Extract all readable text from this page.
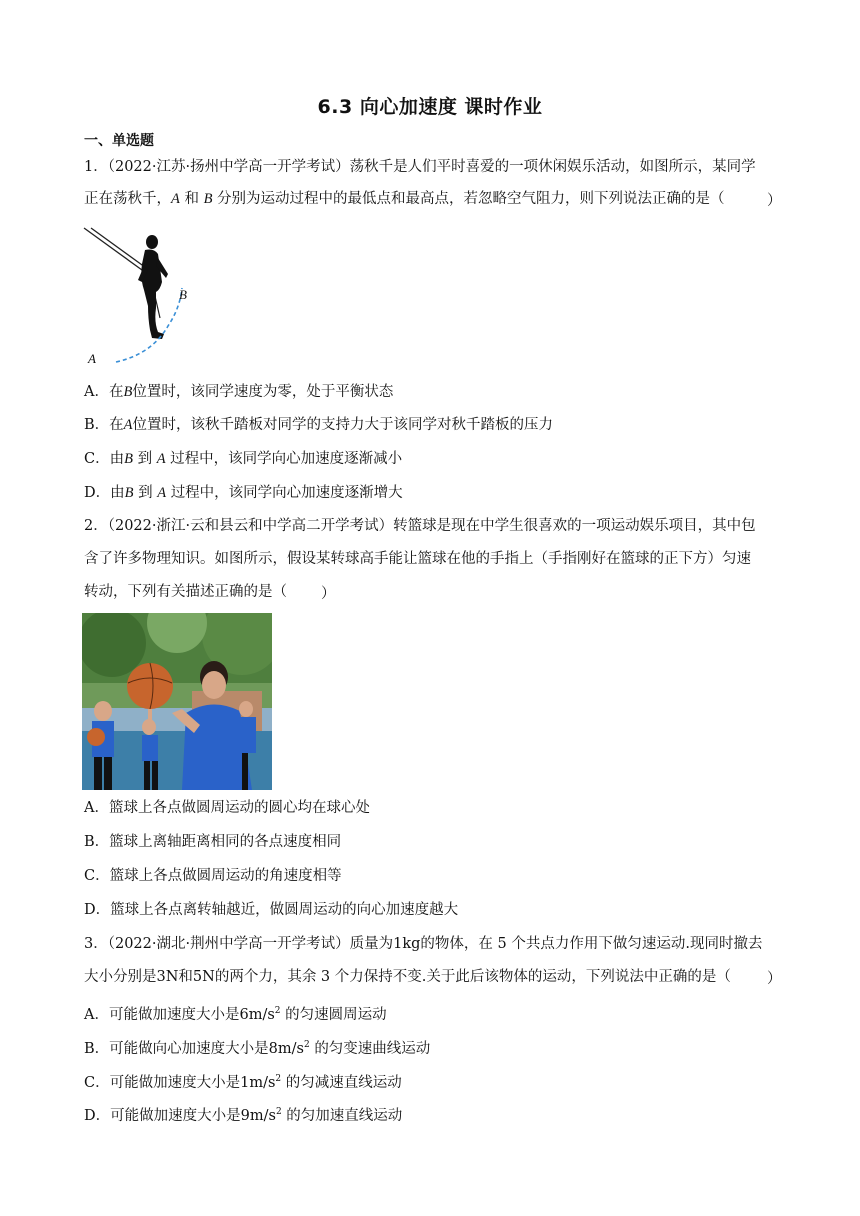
6.3 向心加速度 课时作业
一、单选题
1．（2022·江苏·扬州中学高一开学考试）荡秋千是人们平时喜爱的一项休闲娱乐活动，如图所示，某同学
正在荡秋千，A 和 B 分别为运动过程中的最低点和最高点，若忽略空气阻力，则下列说法正确的是（	）
B
A
A．在B位置时，该同学速度为零，处于平衡状态
B．在A位置时，该秋千踏板对同学的支持力大于该同学对秋千踏板的压力
C．由B 到 A 过程中，该同学向心加速度逐渐减小
D．由B 到 A 过程中，该同学向心加速度逐渐增大
2．（2022·浙江·云和县云和中学高二开学考试）转篮球是现在中学生很喜欢的一项运动娱乐项目，其中包
含了许多物理知识。如图所示，假设某转球高手能让篮球在他的手指上（手指刚好在篮球的正下方）匀速
转动，下列有关描述正确的是（ ）
A．篮球上各点做圆周运动的圆心均在球心处
B．篮球上离轴距离相同的各点速度相同
C．篮球上各点做圆周运动的角速度相等
D．篮球上各点离转轴越近，做圆周运动的向心加速度越大
3．（2022·湖北·荆州中学高一开学考试）质量为1kg的物体，在 5 个共点力作用下做匀速运动.现同时撤去
大小分别是3N和5N的两个力，其余 3 个力保持不变.关于此后该物体的运动，下列说法中正确的是（ ）
A．可能做加速度大小是$6m/s^2$ 的匀速圆周运动
B．可能做向心加速度大小是$8m/s^2$ 的匀变速曲线运动
C．可能做加速度大小是$1m/s^2$ 的匀减速直线运动
D．可能做加速度大小是$9m/s^2$ 的匀加速直线运动
